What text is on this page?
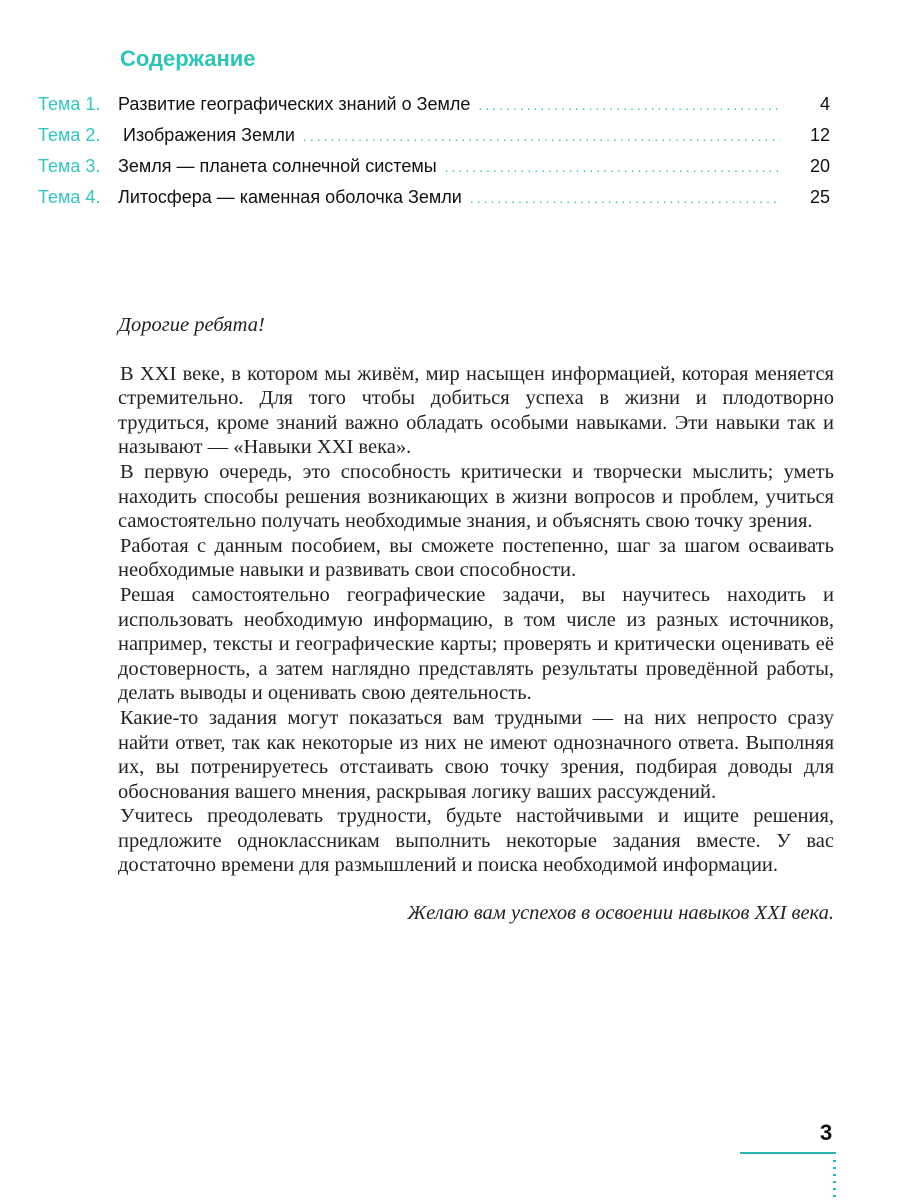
Содержание
Тема 1. Развитие географических знаний о Земле .....	4
Тема 2. Изображения Земли .....	12
Тема 3. Земля — планета солнечной системы .....	20
Тема 4. Литосфера — каменная оболочка Земли .....	25

Дорогие ребята!

В XXI веке, в котором мы живём, мир насыщен информацией, которая меняется стремительно. Для того чтобы добиться успеха в жизни и плодотворно трудиться, кроме знаний важно обладать особыми навыками. Эти навыки так и называют — «Навыки XXI века».

В первую очередь, это способность критически и творчески мыслить; уметь находить способы решения возникающих в жизни вопросов и проблем, учиться самостоятельно получать необходимые знания, и объяснять свою точку зрения.

Работая с данным пособием, вы сможете постепенно, шаг за шагом осваивать необходимые навыки и развивать свои способности.

Решая самостоятельно географические задачи, вы научитесь находить и использовать необходимую информацию, в том числе из разных источников, например, тексты и географические карты; проверять и критически оценивать её достоверность, а затем наглядно представлять результаты проведённой работы, делать выводы и оценивать свою деятельность.

Какие-то задания могут показаться вам трудными — на них непросто сразу найти ответ, так как некоторые из них не имеют однозначного ответа. Выполняя их, вы потренируетесь отстаивать свою точку зрения, подбирая доводы для обоснования вашего мнения, раскрывая логику ваших рассуждений.

Учитесь преодолевать трудности, будьте настойчивыми и ищите решения, предложите одноклассникам выполнить некоторые задания вместе. У вас достаточно времени для размышлений и поиска необходимой информации.

Желаю вам успехов в освоении навыков XXI века.

3
